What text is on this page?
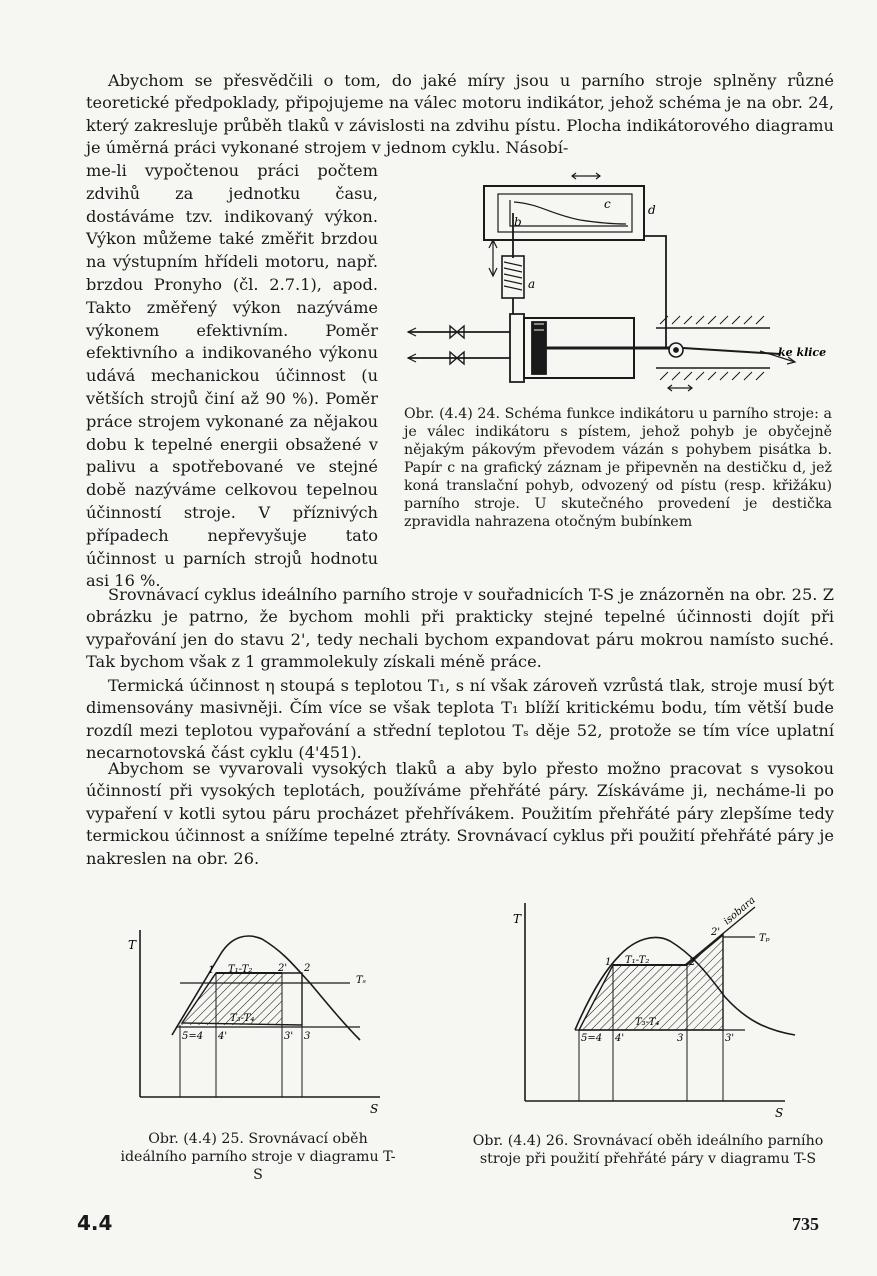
Abychom se přesvědčili o tom, do jaké míry jsou u parního stroje splněny různé teoretické předpoklady, připojujeme na válec motoru indikátor, jehož schéma je na obr. 24, který zakresluje průběh tlaků v závislosti na zdvihu pístu. Plocha indikátorového diagramu je úměrná práci vykonané strojem v jednom cyklu. Násobí-

me-li vypočtenou práci počtem zdvihů za jednotku času, dostáváme tzv. indikovaný výkon. Výkon můžeme také změřit brzdou na výstupním hřídeli motoru, např. brzdou Pronyho (čl. 2.7.1), apod. Takto změřený výkon nazýváme výkonem efektivním. Poměr efektivního a indikovaného výkonu udává mechanickou účinnost (u větších strojů činí až 90 %). Poměr práce strojem vykonané za nějakou dobu k tepelné energii obsažené v palivu a spotřebované ve stejné době nazýváme celkovou tepelnou účinností stroje. V příznivých případech nepřevyšuje tato účinnost u parních strojů hodnotu asi 16 %.

b
c	d
a
ke klice

Obr. (4.4) 24. Schéma funkce indikátoru u parního stroje: a je válec indikátoru s pístem, jehož pohyb je obyčejně nějakým pákovým převodem vázán s pohybem pisátka b. Papír c na grafický záznam je připevněn na destičku d, jež koná translační pohyb, odvozený od pístu (resp. křižáku) parního stroje. U skutečného provedení je destička zpravidla nahrazena otočným bubínkem

Srovnávací cyklus ideálního parního stroje v souřadnicích T-S je znázorněn na obr. 25. Z obrázku je patrno, že bychom mohli při prakticky stejné tepelné účinnosti dojít při vypařování jen do stavu 2', tedy nechali bychom expandovat páru mokrou namísto suché. Tak bychom však z 1 grammolekuly získali méně práce.

Termická účinnost η stoupá s teplotou T₁, s ní však zároveň vzrůstá tlak, stroje musí být dimensovány masivněji. Čím více se však teplota T₁ blíží kritickému bodu, tím větší bude rozdíl mezi teplotou vypařování a střední teplotou Tₛ děje 52, protože se tím více uplatní necarnotovská část cyklu (4'451).

Abychom se vyvarovali vysokých tlaků a aby bylo přesto možno pracovat s vysokou účinností při vysokých teplotách, používáme přehřáté páry. Získáváme ji, necháme-li po vypaření v kotli sytou páru procházet přehřívákem. Použitím přehřáté páry zlepšíme tedy termickou účinnost a snížíme tepelné ztráty. Srovnávací cyklus při použití přehřáté páry je nakreslen na obr. 26.

T
S
1	2' 2
Tₛ
T₁-T₂
T₃-T₄
5=4 4'	3' 3

Obr. (4.4) 25. Srovnávací oběh ideálního parního stroje v diagramu T-S

T
S
1	2
2'
isobara
Tₚ
T₁-T₂
T₃-T₄
5=4 4'	3	3'

Obr. (4.4) 26. Srovnávací oběh ideálního parního stroje při použití přehřáté páry v diagramu T-S

4.4	735
